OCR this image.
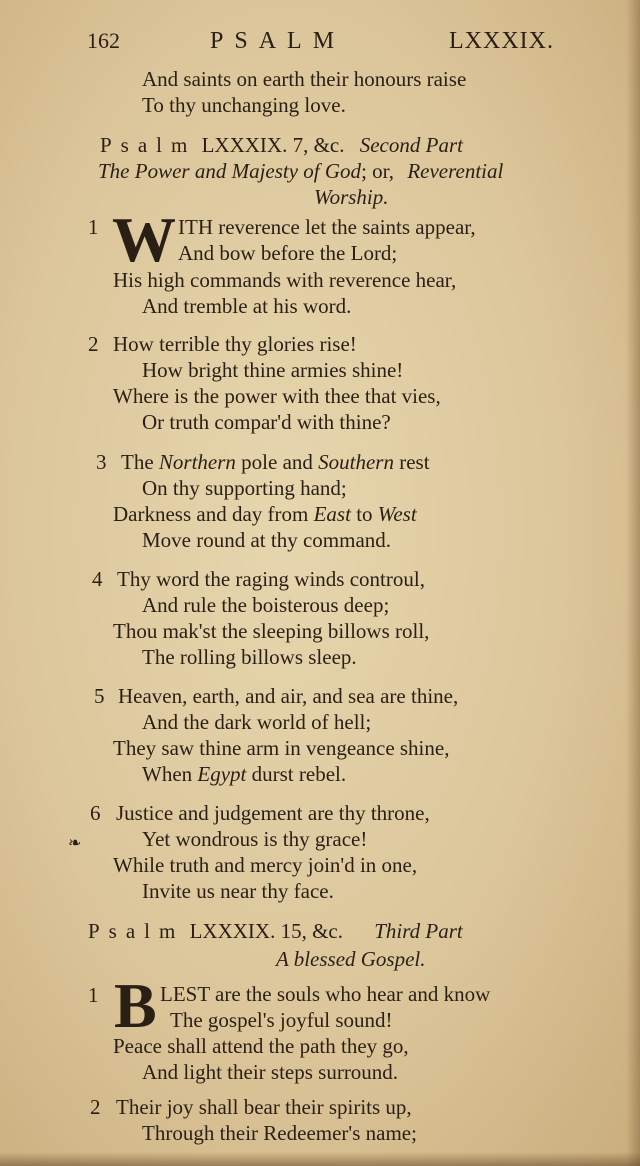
162	PSALM	LXXXIX.
And saints on earth their honours raise
To thy unchanging love.
Psalm LXXXIX. 7, &c. Second Part
The Power and Majesty of God; or, Reverential
Worship.
1 W ITH reverence let the saints appear,
And bow before the Lord;
His high commands with reverence hear,
And tremble at his word.
2 How terrible thy glories rise!
How bright thine armies shine!
Where is the power with thee that vies,
Or truth compar'd with thine?
3 The Northern pole and Southern rest
On thy supporting hand;
Darkness and day from East to West
Move round at thy command.
4 Thy word the raging winds controul,
And rule the boisterous deep;
Thou mak'st the sleeping billows roll,
The rolling billows sleep.
5 Heaven, earth, and air, and sea are thine,
And the dark world of hell;
They saw thine arm in vengeance shine,
When Egypt durst rebel.
6 Justice and judgement are thy throne,
❧	Yet wondrous is thy grace!
While truth and mercy join'd in one,
Invite us near thy face.
Psalm LXXXIX. 15, &c. Third Part
A blessed Gospel.
1 B LEST are the souls who hear and know
The gospel's joyful sound!
Peace shall attend the path they go,
And light their steps surround.
2 Their joy shall bear their spirits up,
Through their Redeemer's name;
